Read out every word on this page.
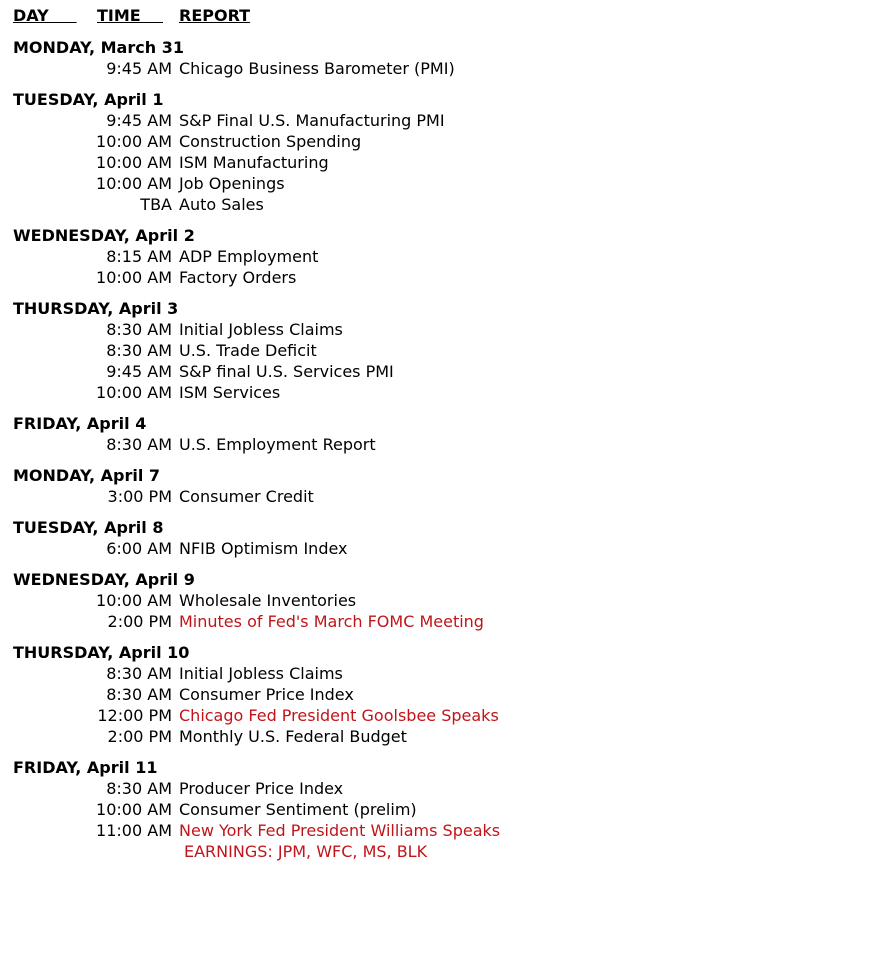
DAY TIME REPORT
MONDAY, March 31
9:45 AM Chicago Business Barometer (PMI)
TUESDAY, April 1
9:45 AM S&P Final U.S. Manufacturing PMI
10:00 AM Construction Spending
10:00 AM ISM Manufacturing
10:00 AM Job Openings
TBA Auto Sales
WEDNESDAY, April 2
8:15 AM ADP Employment
10:00 AM Factory Orders
THURSDAY, April 3
8:30 AM Initial Jobless Claims
8:30 AM U.S. Trade Deficit
9:45 AM S&P final U.S. Services PMI
10:00 AM ISM Services
FRIDAY, April 4
8:30 AM U.S. Employment Report
MONDAY, April 7
3:00 PM Consumer Credit
TUESDAY, April 8
6:00 AM NFIB Optimism Index
WEDNESDAY, April 9
10:00 AM Wholesale Inventories
2:00 PM Minutes of Fed's March FOMC Meeting
THURSDAY, April 10
8:30 AM Initial Jobless Claims
8:30 AM Consumer Price Index
12:00 PM Chicago Fed President Goolsbee Speaks
2:00 PM Monthly U.S. Federal Budget
FRIDAY, April 11
8:30 AM Producer Price Index
10:00 AM Consumer Sentiment (prelim)
11:00 AM New York Fed President Williams Speaks
EARNINGS: JPM, WFC, MS, BLK
